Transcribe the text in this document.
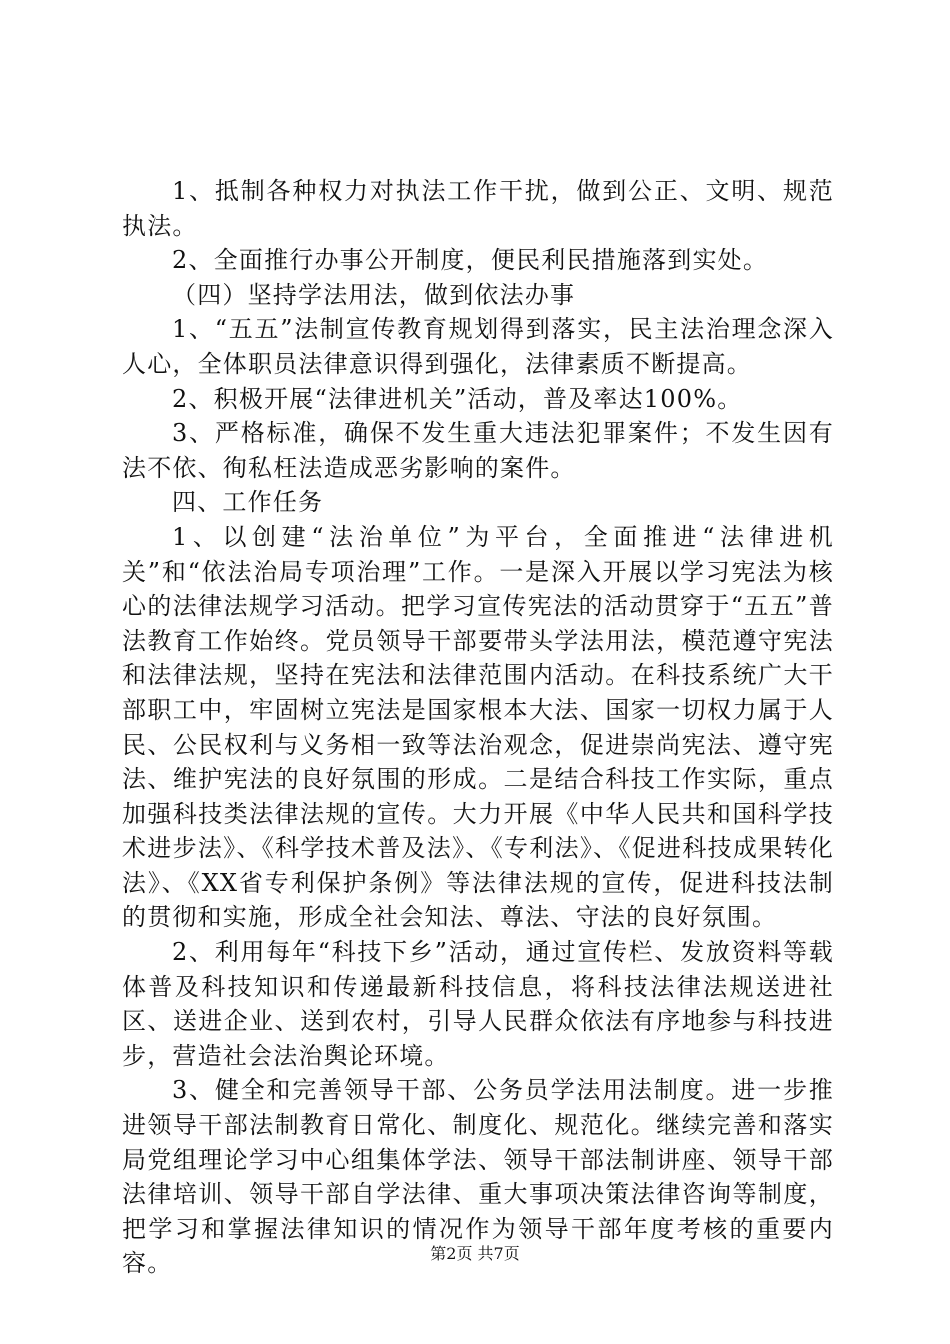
1、抵制各种权力对执法工作干扰，做到公正、文明、规范执法。

2、全面推行办事公开制度，便民利民措施落到实处。

（四）坚持学法用法，做到依法办事

1、“五五”法制宣传教育规划得到落实，民主法治理念深入人心，全体职员法律意识得到强化，法律素质不断提高。

2、积极开展“法律进机关”活动，普及率达100%。

3、严格标准，确保不发生重大违法犯罪案件；不发生因有法不依、徇私枉法造成恶劣影响的案件。

四、工作任务

1、以创建“法治单位”为平台，全面推进“法律进机关”和“依法治局专项治理”工作。一是深入开展以学习宪法为核心的法律法规学习活动。把学习宣传宪法的活动贯穿于“五五”普法教育工作始终。党员领导干部要带头学法用法，模范遵守宪法和法律法规，坚持在宪法和法律范围内活动。在科技系统广大干部职工中，牢固树立宪法是国家根本大法、国家一切权力属于人民、公民权利与义务相一致等法治观念，促进崇尚宪法、遵守宪法、维护宪法的良好氛围的形成。二是结合科技工作实际，重点加强科技类法律法规的宣传。大力开展《中华人民共和国科学技术进步法》、《科学技术普及法》、《专利法》、《促进科技成果转化法》、《XX省专利保护条例》等法律法规的宣传，促进科技法制的贯彻和实施，形成全社会知法、尊法、守法的良好氛围。

2、利用每年“科技下乡”活动，通过宣传栏、发放资料等载体普及科技知识和传递最新科技信息，将科技法律法规送进社区、送进企业、送到农村，引导人民群众依法有序地参与科技进步，营造社会法治舆论环境。

3、健全和完善领导干部、公务员学法用法制度。进一步推进领导干部法制教育日常化、制度化、规范化。继续完善和落实局党组理论学习中心组集体学法、领导干部法制讲座、领导干部法律培训、领导干部自学法律、重大事项决策法律咨询等制度，把学习和掌握法律知识的情况作为领导干部年度考核的重要内容。	第2页 共7页
